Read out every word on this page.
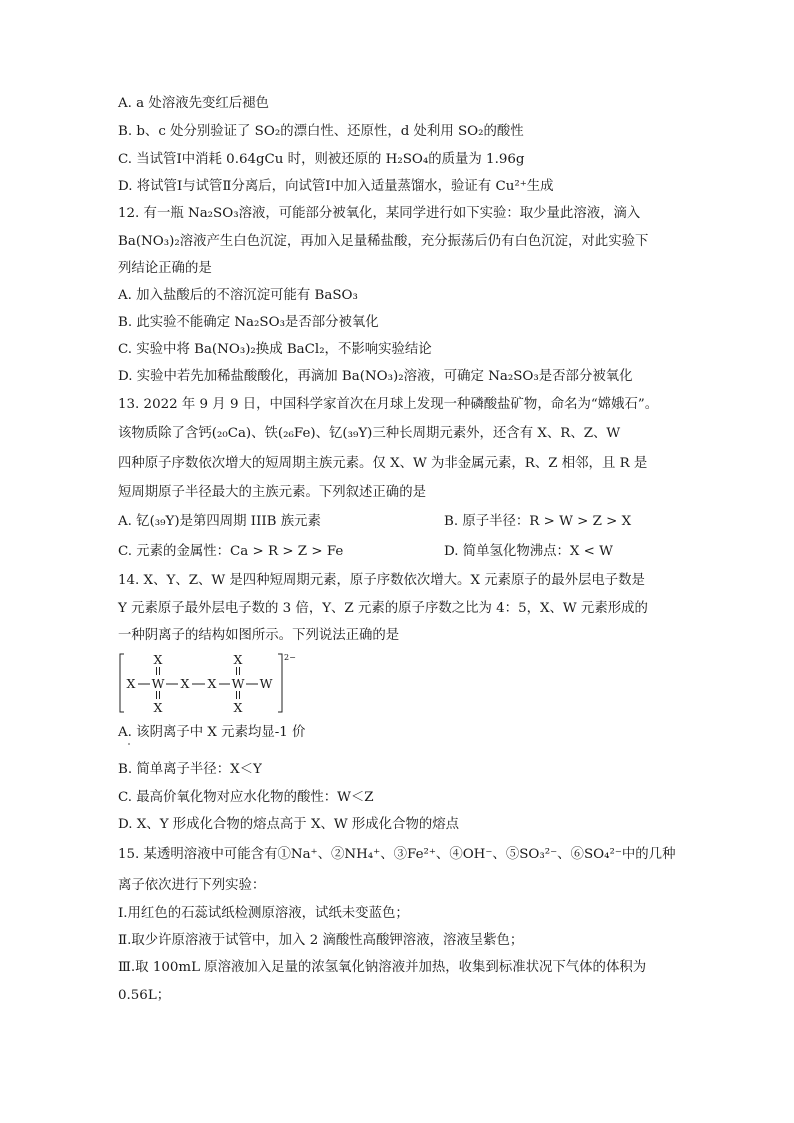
A. a 处溶液先变红后褪色
B. b、c 处分别验证了 SO₂的漂白性、还原性，d 处利用 SO₂的酸性
C. 当试管Ⅰ中消耗 0.64gCu 时，则被还原的 H₂SO₄的质量为 1.96g
D. 将试管Ⅰ与试管Ⅱ分离后，向试管Ⅰ中加入适量蒸馏水，验证有 Cu²⁺生成
12. 有一瓶 Na₂SO₃溶液，可能部分被氧化，某同学进行如下实验：取少量此溶液，滴入
Ba(NO₃)₂溶液产生白色沉淀，再加入足量稀盐酸，充分振荡后仍有白色沉淀，对此实验下
列结论正确的是
A. 加入盐酸后的不溶沉淀可能有 BaSO₃
B. 此实验不能确定 Na₂SO₃是否部分被氧化
C. 实验中将 Ba(NO₃)₂换成 BaCl₂，不影响实验结论
D. 实验中若先加稀盐酸酸化，再滴加 Ba(NO₃)₂溶液，可确定 Na₂SO₃是否部分被氧化
13. 2022 年 9 月 9 日，中国科学家首次在月球上发现一种磷酸盐矿物，命名为“嫦娥石”。
该物质除了含钙(₂₀Ca)、铁(₂₆Fe)、钇(₃₉Y)三种长周期元素外，还含有 X、R、Z、W
四种原子序数依次增大的短周期主族元素。仅 X、W 为非金属元素，R、Z 相邻，且 R 是
短周期原子半径最大的主族元素。下列叙述正确的是
A. 钇(₃₉Y)是第四周期 IIIB 族元素	B. 原子半径：R > W > Z > X
C. 元素的金属性：Ca > R > Z > Fe	D. 简单氢化物沸点：X < W
14. X、Y、Z、W 是四种短周期元素，原子序数依次增大。X 元素原子的最外层电子数是
Y 元素原子最外层电子数的 3 倍，Y、Z 元素的原子序数之比为 4：5，X、W 元素形成的
一种阴离子的结构如图所示。下列说法正确的是
X	X
X W X X W W
X	X
2−
A. 该阴离子中 X 元素均显-1 价
B. 简单离子半径：X＜Y
C. 最高价氧化物对应水化物的酸性：W＜Z
D. X、Y 形成化合物的熔点高于 X、W 形成化合物的熔点
15. 某透明溶液中可能含有①Na⁺、②NH₄⁺、③Fe²⁺、④OH⁻、⑤SO₃²⁻、⑥SO₄²⁻中的几种
离子依次进行下列实验：
Ⅰ.用红色的石蕊试纸检测原溶液，试纸未变蓝色；
Ⅱ.取少许原溶液于试管中，加入 2 滴酸性高酸钾溶液，溶液呈紫色；
Ⅲ.取 100mL 原溶液加入足量的浓氢氧化钠溶液并加热，收集到标准状况下气体的体积为
0.56L；
